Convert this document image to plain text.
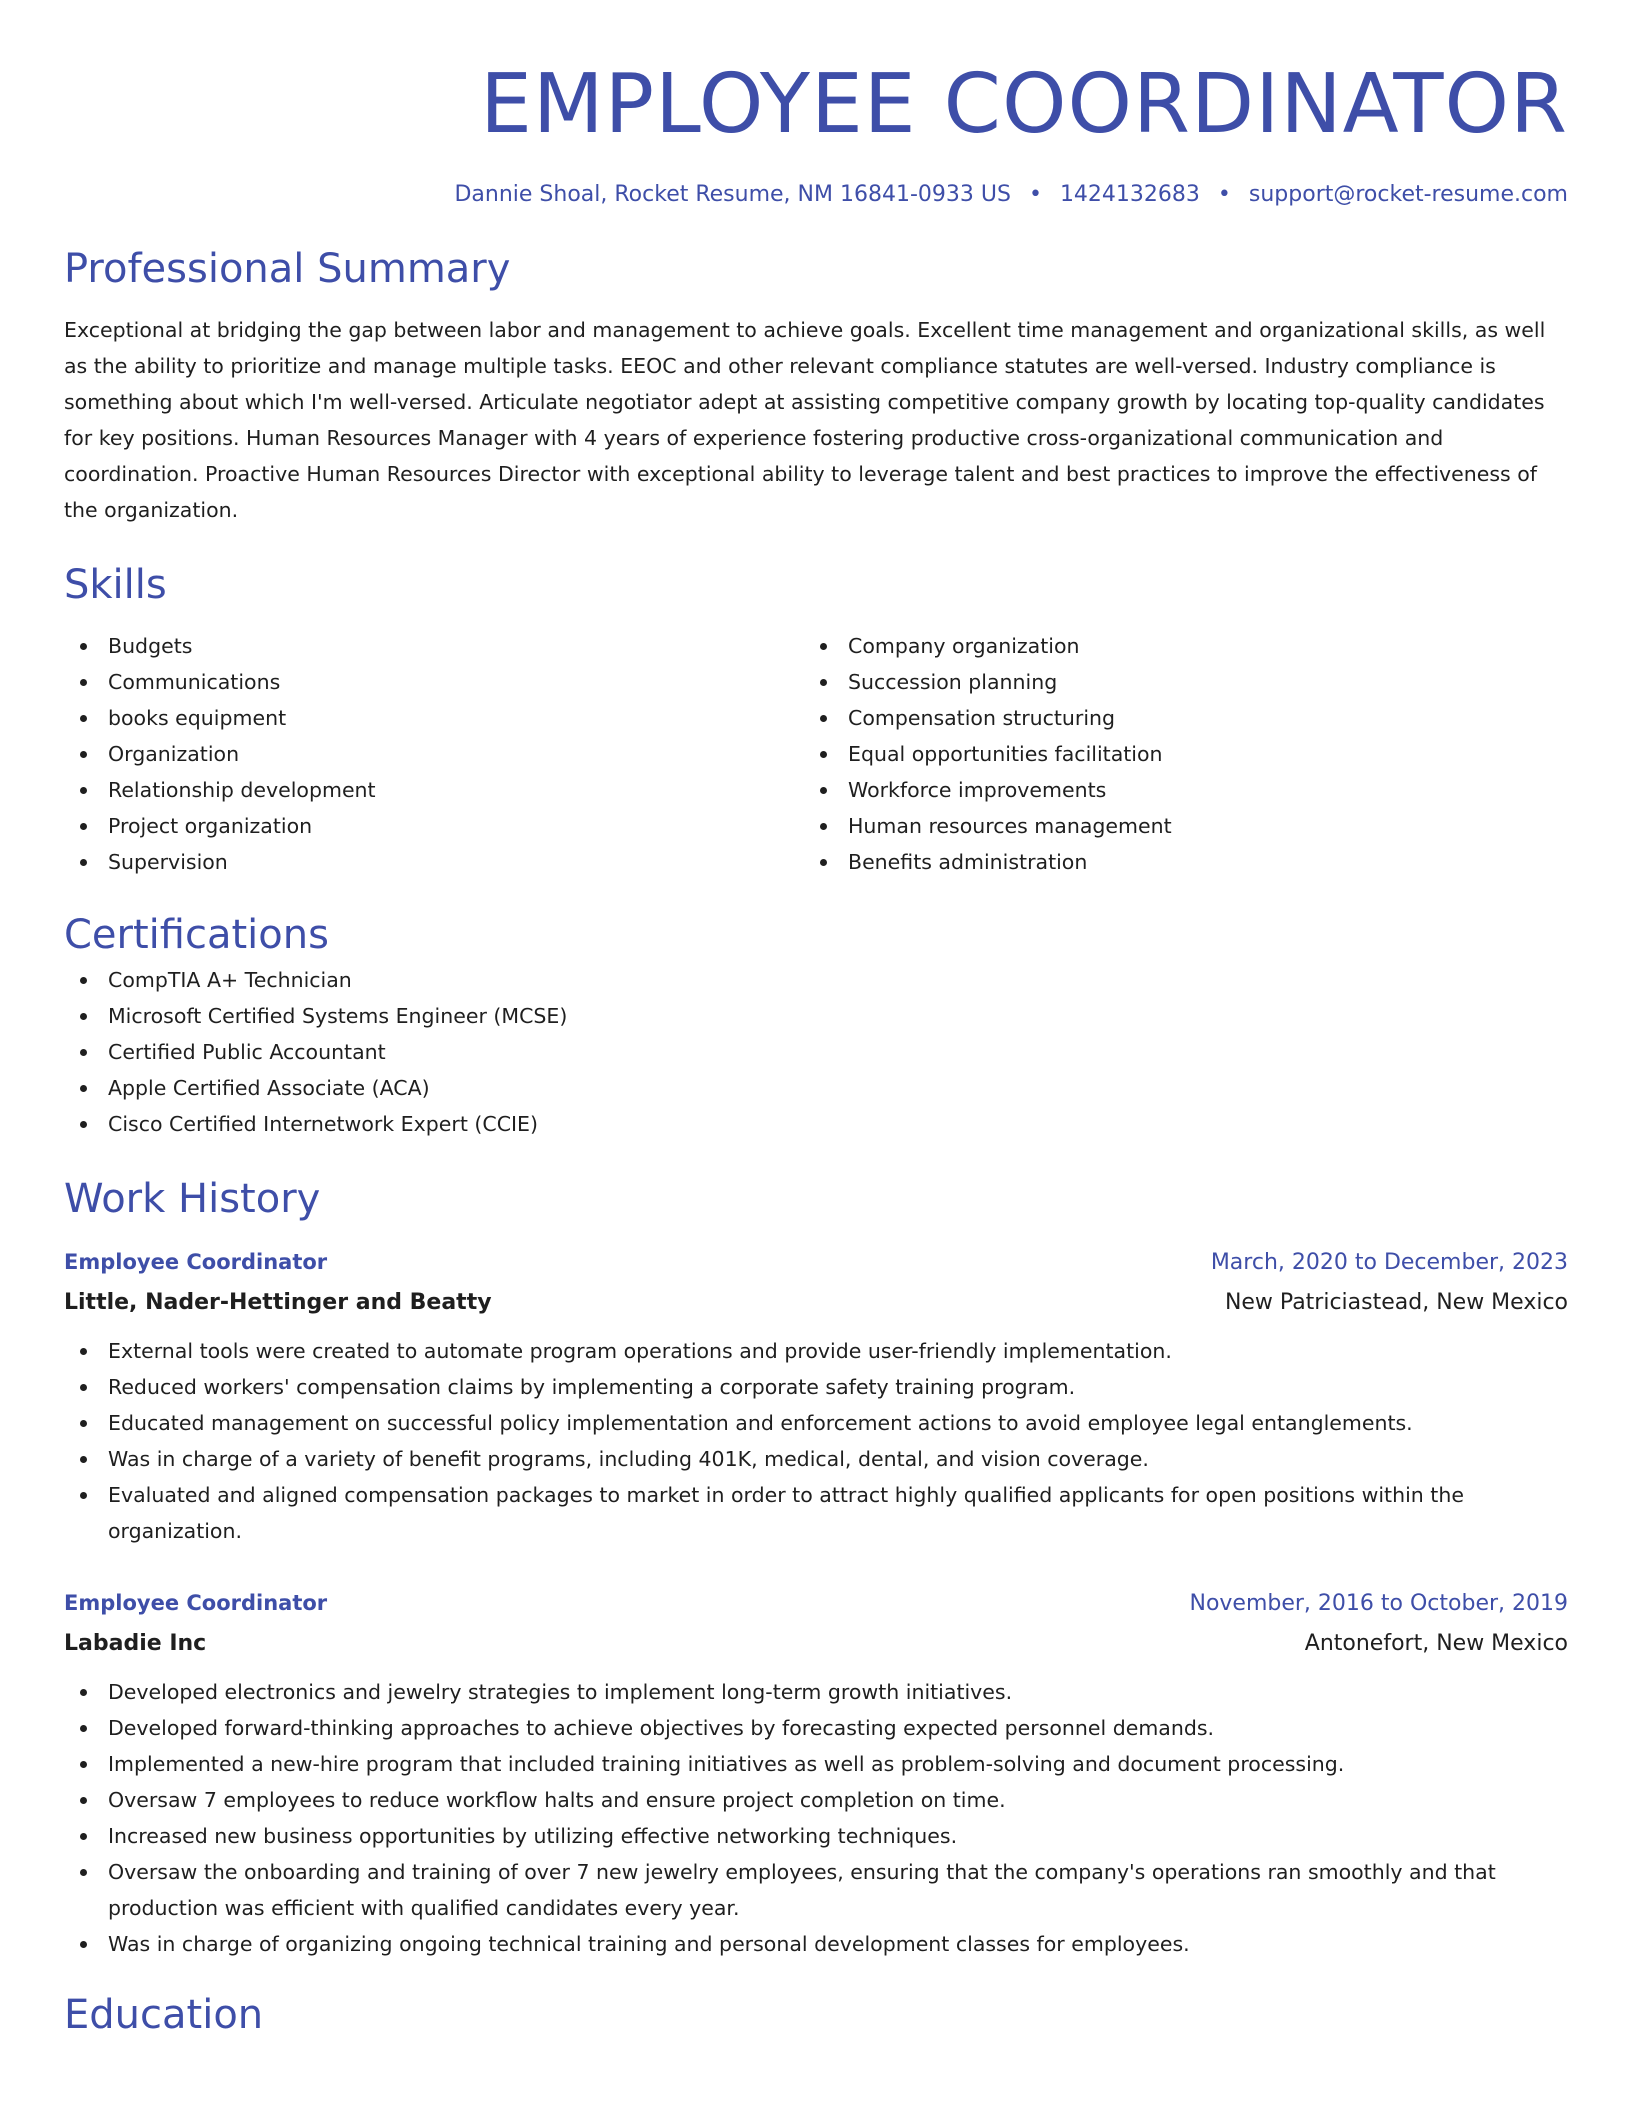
EMPLOYEE COORDINATOR
Dannie Shoal, Rocket Resume, NM 16841-0933 US • 1424132683 • support@rocket-resume.com
Professional Summary
Exceptional at bridging the gap between labor and management to achieve goals. Excellent time management and organizational skills, as well as the ability to prioritize and manage multiple tasks. EEOC and other relevant compliance statutes are well-versed. Industry compliance is something about which I'm well-versed. Articulate negotiator adept at assisting competitive company growth by locating top-quality candidates for key positions. Human Resources Manager with 4 years of experience fostering productive cross-organizational communication and coordination. Proactive Human Resources Director with exceptional ability to leverage talent and best practices to improve the effectiveness of the organization.
Skills
Budgets
Communications
books equipment
Organization
Relationship development
Project organization
Supervision
Company organization
Succession planning
Compensation structuring
Equal opportunities facilitation
Workforce improvements
Human resources management
Benefits administration
Certifications
CompTIA A+ Technician
Microsoft Certified Systems Engineer (MCSE)
Certified Public Accountant
Apple Certified Associate (ACA)
Cisco Certified Internetwork Expert (CCIE)
Work History
Employee Coordinator	March, 2020 to December, 2023
Little, Nader-Hettinger and Beatty	New Patriciastead, New Mexico
External tools were created to automate program operations and provide user-friendly implementation.
Reduced workers' compensation claims by implementing a corporate safety training program.
Educated management on successful policy implementation and enforcement actions to avoid employee legal entanglements.
Was in charge of a variety of benefit programs, including 401K, medical, dental, and vision coverage.
Evaluated and aligned compensation packages to market in order to attract highly qualified applicants for open positions within the organization.
Employee Coordinator	November, 2016 to October, 2019
Labadie Inc	Antonefort, New Mexico
Developed electronics and jewelry strategies to implement long-term growth initiatives.
Developed forward-thinking approaches to achieve objectives by forecasting expected personnel demands.
Implemented a new-hire program that included training initiatives as well as problem-solving and document processing.
Oversaw 7 employees to reduce workflow halts and ensure project completion on time.
Increased new business opportunities by utilizing effective networking techniques.
Oversaw the onboarding and training of over 7 new jewelry employees, ensuring that the company's operations ran smoothly and that production was efficient with qualified candidates every year.
Was in charge of organizing ongoing technical training and personal development classes for employees.
Education
